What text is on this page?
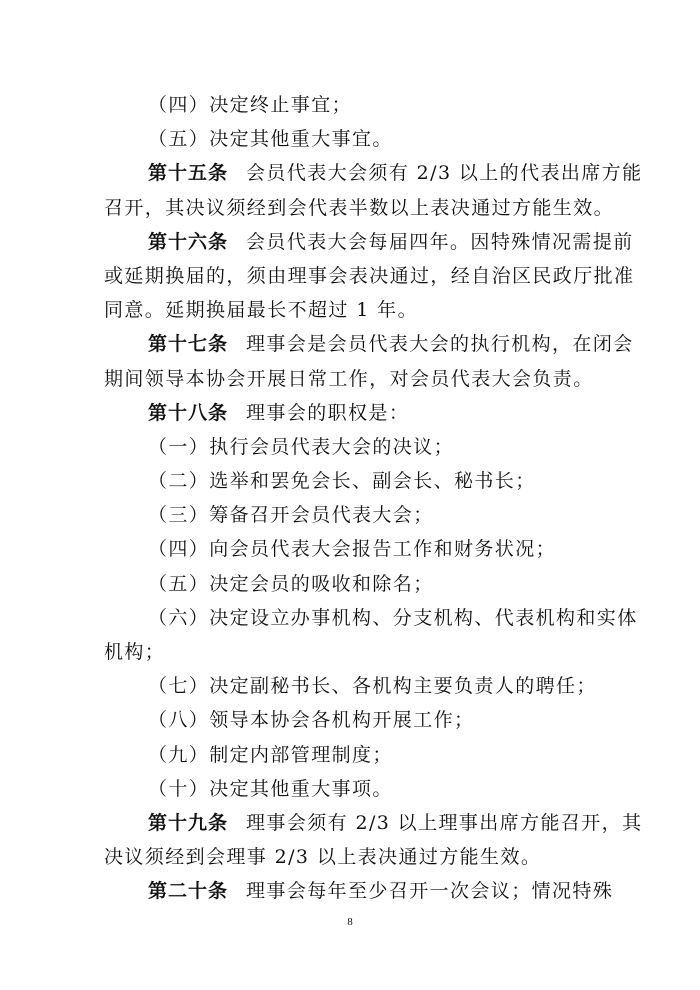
（四）决定终止事宜；
（五）决定其他重大事宜。
第十五条 会员代表大会须有 2/3 以上的代表出席方能
召开，其决议须经到会代表半数以上表决通过方能生效。
第十六条 会员代表大会每届四年。因特殊情况需提前
或延期换届的，须由理事会表决通过，经自治区民政厅批准
同意。延期换届最长不超过 1 年。
第十七条 理事会是会员代表大会的执行机构，在闭会
期间领导本协会开展日常工作，对会员代表大会负责。
第十八条 理事会的职权是：
（一）执行会员代表大会的决议；
（二）选举和罢免会长、副会长、秘书长；
（三）筹备召开会员代表大会；
（四）向会员代表大会报告工作和财务状况；
（五）决定会员的吸收和除名；
（六）决定设立办事机构、分支机构、代表机构和实体
机构；
（七）决定副秘书长、各机构主要负责人的聘任；
（八）领导本协会各机构开展工作；
（九）制定内部管理制度；
（十）决定其他重大事项。
第十九条 理事会须有 2/3 以上理事出席方能召开，其
决议须经到会理事 2/3 以上表决通过方能生效。
第二十条 理事会每年至少召开一次会议；情况特殊
8
